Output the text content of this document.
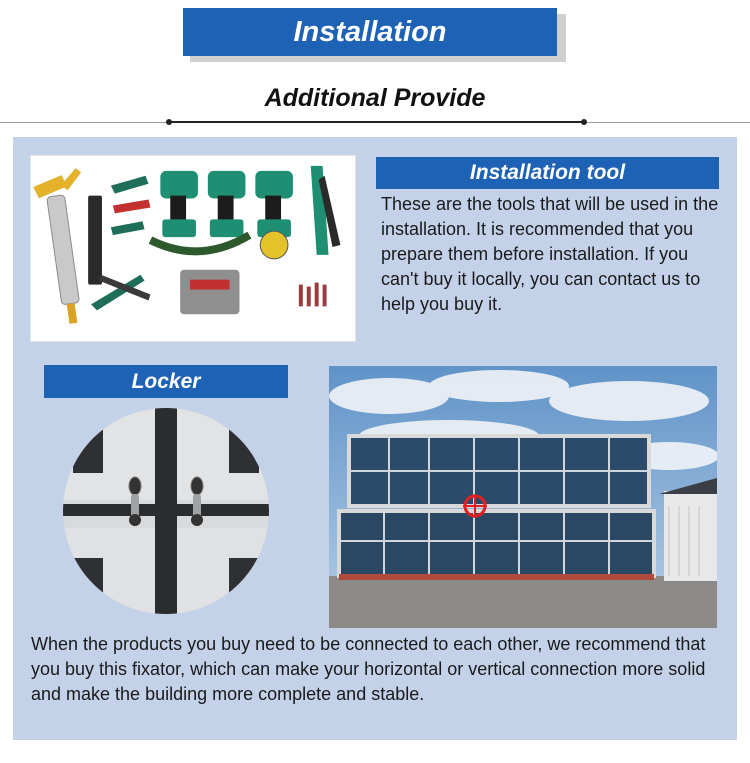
Installation
Additional Provide
Installation tool
These are the tools that will be used in the installation. It is recommended that you prepare them before installation. If you can't buy it locally, you can contact us to help you buy it.
Locker
When the products you buy need to be connected to each other, we recommend that you buy this fixator, which can make your horizontal or vertical connection more solid and make the building more complete and stable.
